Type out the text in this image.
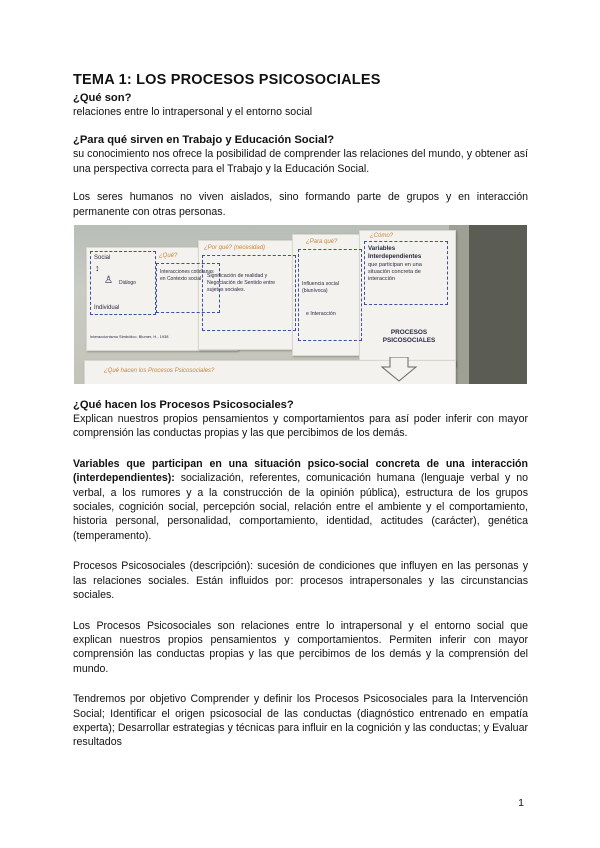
TEMA 1: LOS PROCESOS PSICOSOCIALES
¿Qué son?
relaciones entre lo intrapersonal y el entorno social
¿Para qué sirven en Trabajo y Educación Social?
su conocimiento nos ofrece la posibilidad de comprender las relaciones del mundo, y obtener así una perspectiva correcta para el Trabajo y la Educación Social.
Los seres humanos no viven aislados, sino formando parte de grupos y en interacción permanente con otras personas.
Social
♙
↕
Diálogo
Individual
¿Qué?
Interacciones cotidianas en Contexto social
Interaccionismo Simbólico. Blumer, H., 1938
¿Por qué? (necesidad)
Significación de realidad y Negociación de Sentido entre sujetos sociales.
¿Para qué?
Influencia social (biunívoca)
e Interacción
¿Cómo?
Variables Interdependientes
que participan en una situación concreta de interacción
PROCESOS PSICOSOCIALES
¿Qué hacen los Procesos Psicosociales?
¿Qué hacen los Procesos Psicosociales?
Explican nuestros propios pensamientos y comportamientos para así poder inferir con mayor comprensión las conductas propias y las que percibimos de los demás.
Variables que participan en una situación psico-social concreta de una interacción (interdependientes): socialización, referentes, comunicación humana (lenguaje verbal y no verbal, a los rumores y a la construcción de la opinión pública), estructura de los grupos sociales, cognición social, percepción social, relación entre el ambiente y el comportamiento, historia personal, personalidad, comportamiento, identidad, actitudes (carácter), genética (temperamento).
Procesos Psicosociales (descripción): sucesión de condiciones que influyen en las personas y las relaciones sociales. Están influidos por: procesos intrapersonales y las circunstancias sociales.
Los Procesos Psicosociales son relaciones entre lo intrapersonal y el entorno social que explican nuestros propios pensamientos y comportamientos. Permiten inferir con mayor comprensión las conductas propias y las que percibimos de los demás y la comprensión del mundo.
Tendremos por objetivo Comprender y definir los Procesos Psicosociales para la Intervención Social; Identificar el origen psicosocial de las conductas (diagnóstico entrenado en empatía experta); Desarrollar estrategias y técnicas para influir en la cognición y las conductas; y Evaluar resultados
1
